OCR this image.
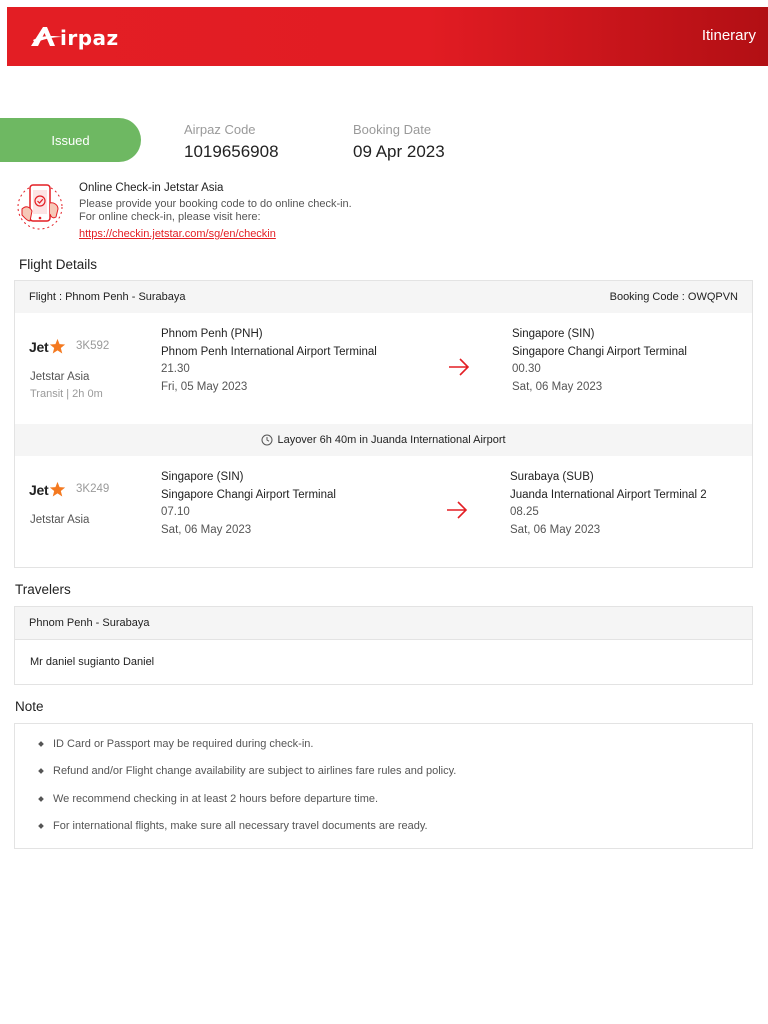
irpaz	Itinerary
Issued
Airpaz Code
1019656908
Booking Date
09 Apr 2023
Online Check-in Jetstar Asia
Please provide your booking code to do online check-in. For online check-in, please visit here:
https://checkin.jetstar.com/sg/en/checkin
Flight Details
Flight : Phnom Penh - Surabaya	Booking Code : OWQPVN
Jet 3K592
Jetstar Asia
Transit | 2h 0m
Phnom Penh (PNH)
Phnom Penh International Airport Terminal
21.30
Fri, 05 May 2023
Singapore (SIN)
Singapore Changi Airport Terminal
00.30
Sat, 06 May 2023
Layover 6h 40m in Juanda International Airport
Jet 3K249
Jetstar Asia
Singapore (SIN)
Singapore Changi Airport Terminal
07.10
Sat, 06 May 2023
Surabaya (SUB)
Juanda International Airport Terminal 2
08.25
Sat, 06 May 2023
Travelers
Phnom Penh - Surabaya
Mr daniel sugianto Daniel
Note
ID Card or Passport may be required during check-in.
Refund and/or Flight change availability are subject to airlines fare rules and policy.
We recommend checking in at least 2 hours before departure time.
For international flights, make sure all necessary travel documents are ready.
